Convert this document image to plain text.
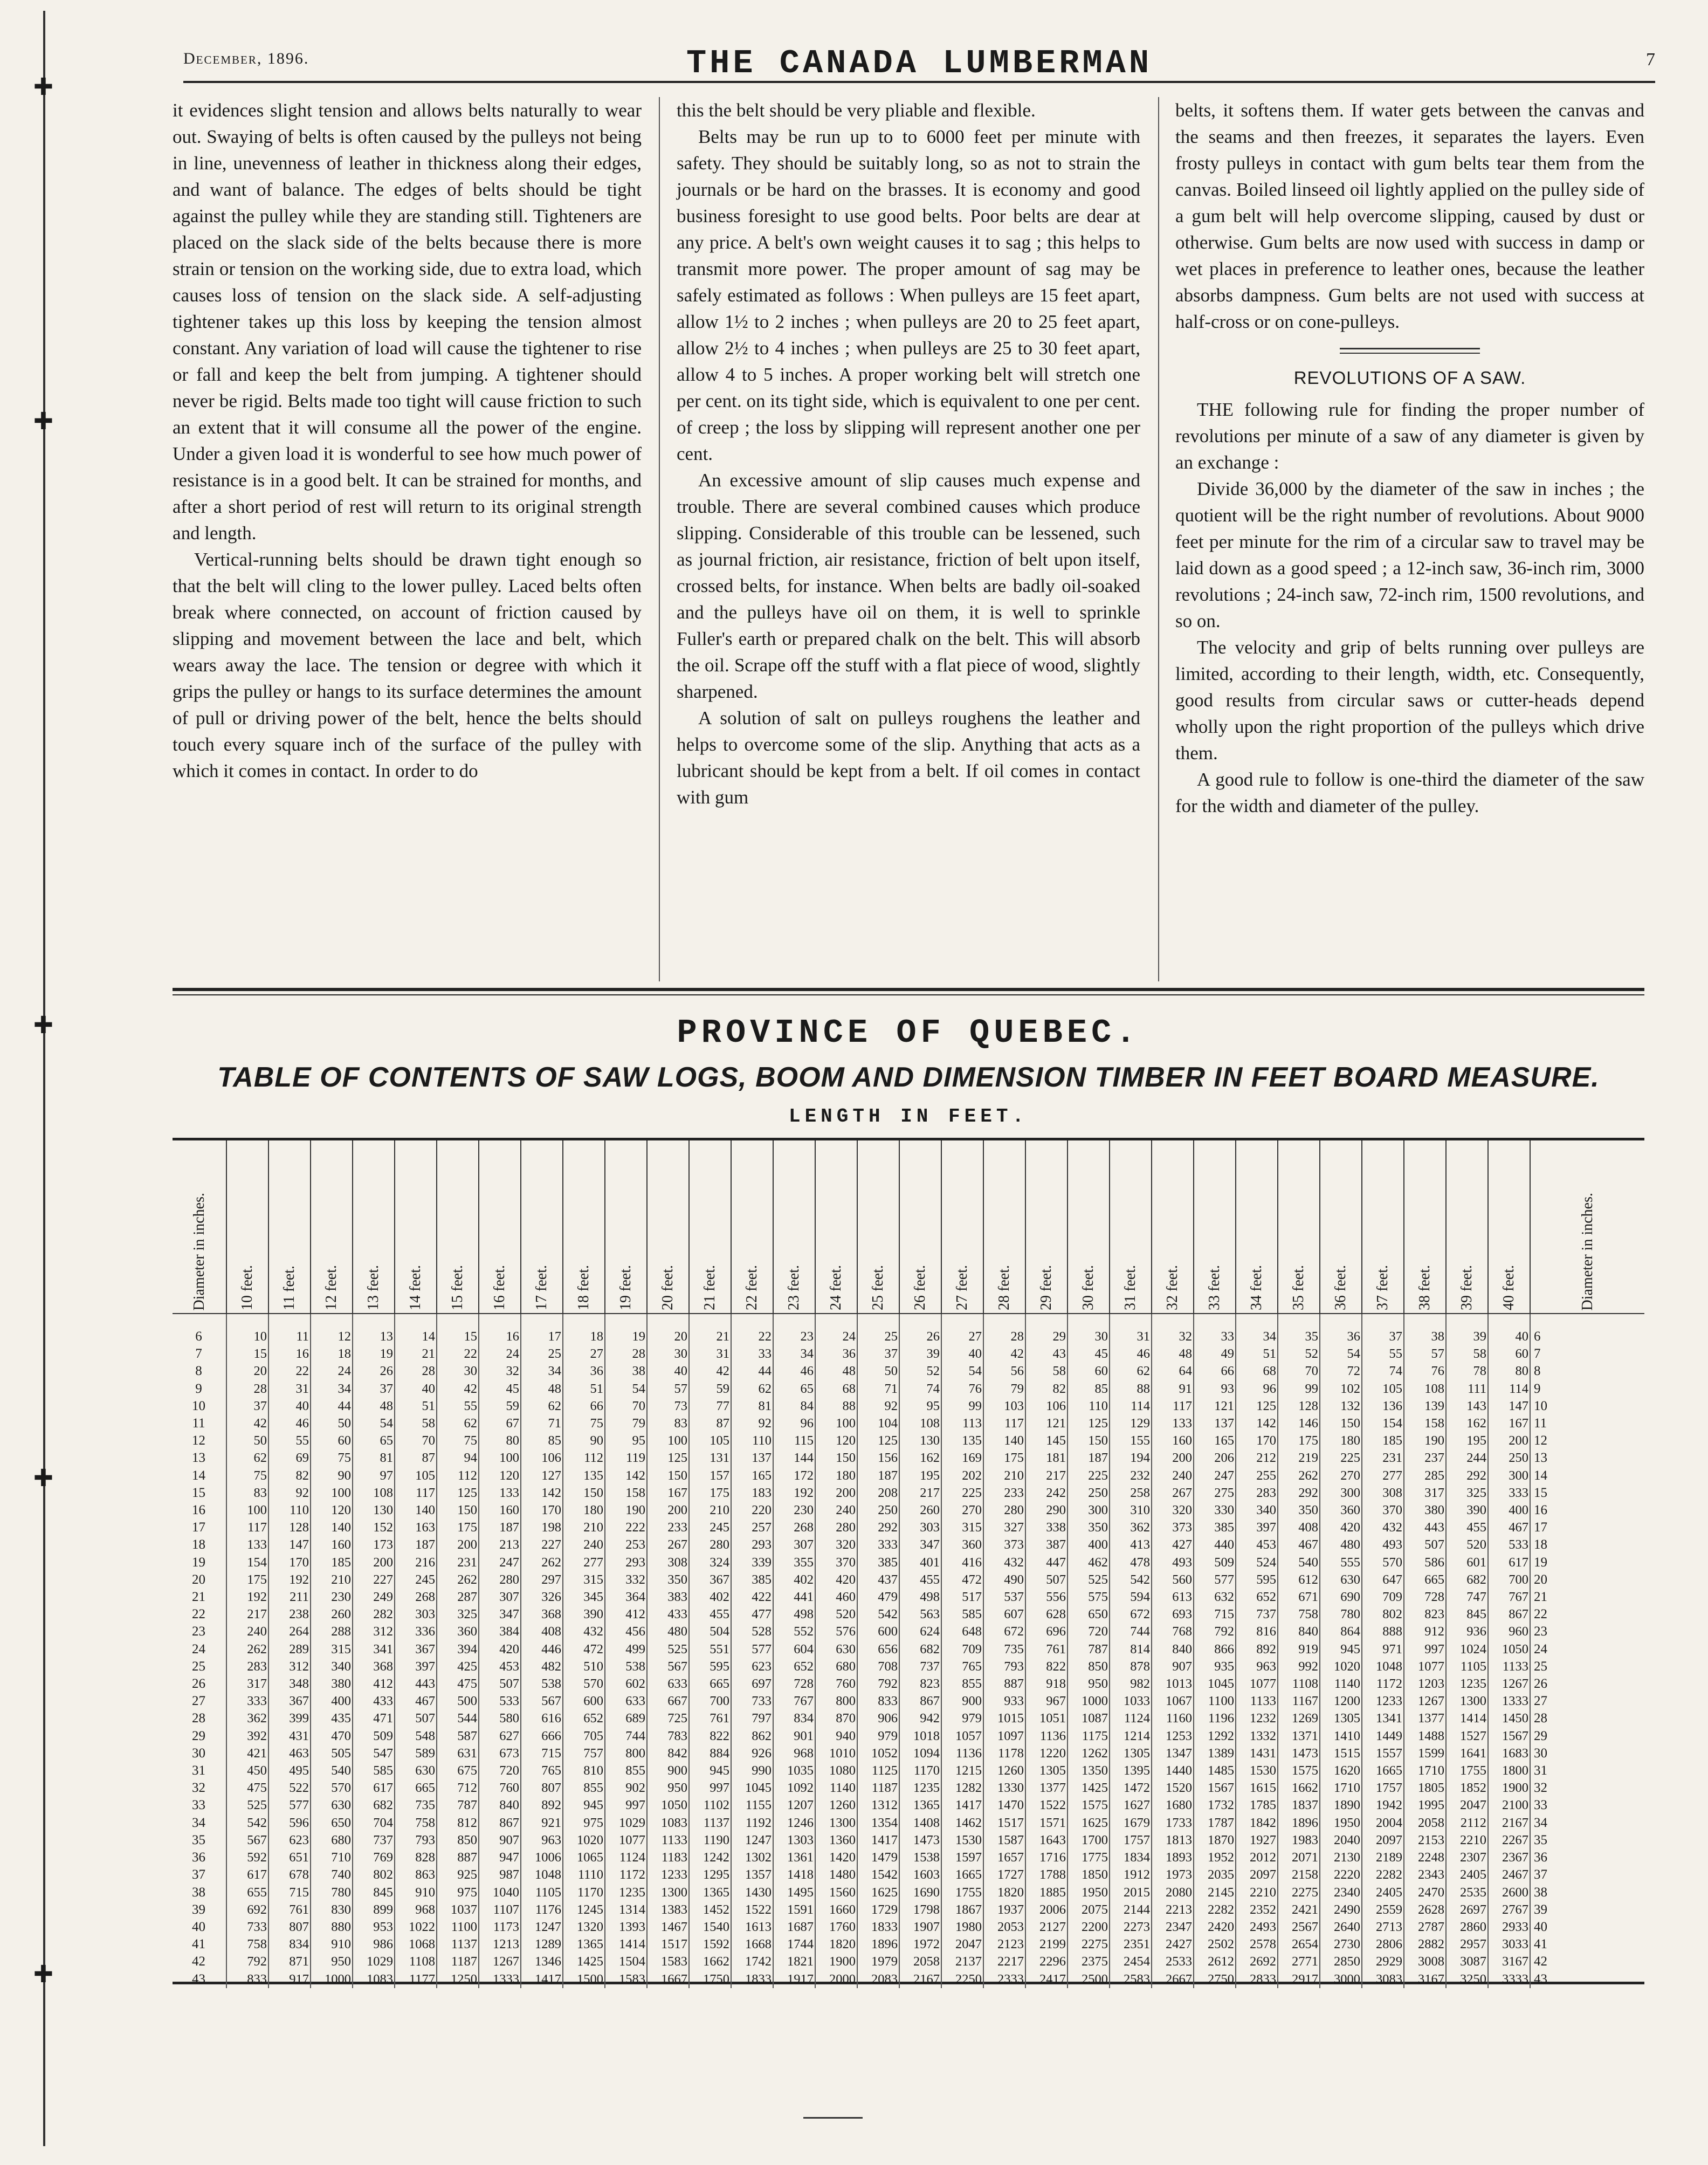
✚
✚
✚
✚
✚
December, 1896.	THE CANADA LUMBERMAN	7

it evidences slight tension and allows belts naturally to wear out. Swaying of belts is often caused by the pulleys not being in line, unevenness of leather in thickness along their edges, and want of balance. The edges of belts should be tight against the pulley while they are standing still. Tighteners are placed on the slack side of the belts because there is more strain or tension on the working side, due to extra load, which causes loss of tension on the slack side. A self-adjusting tightener takes up this loss by keeping the tension almost constant. Any variation of load will cause the tightener to rise or fall and keep the belt from jumping. A tightener should never be rigid. Belts made too tight will cause friction to such an extent that it will consume all the power of the engine. Under a given load it is wonderful to see how much power of resistance is in a good belt. It can be strained for months, and after a short period of rest will return to its original strength and length.

Vertical-running belts should be drawn tight enough so that the belt will cling to the lower pulley. Laced belts often break where connected, on account of friction caused by slipping and movement between the lace and belt, which wears away the lace. The tension or degree with which it grips the pulley or hangs to its surface determines the amount of pull or driving power of the belt, hence the belts should touch every square inch of the surface of the pulley with which it comes in contact. In order to do

this the belt should be very pliable and flexible.

Belts may be run up to to 6000 feet per minute with safety. They should be suitably long, so as not to strain the journals or be hard on the brasses. It is economy and good business foresight to use good belts. Poor belts are dear at any price. A belt's own weight causes it to sag ; this helps to transmit more power. The proper amount of sag may be safely estimated as follows : When pulleys are 15 feet apart, allow 1½ to 2 inches ; when pulleys are 20 to 25 feet apart, allow 2½ to 4 inches ; when pulleys are 25 to 30 feet apart, allow 4 to 5 inches. A proper working belt will stretch one per cent. on its tight side, which is equivalent to one per cent. of creep ; the loss by slipping will represent another one per cent.

An excessive amount of slip causes much expense and trouble. There are several combined causes which produce slipping. Considerable of this trouble can be lessened, such as journal friction, air resistance, friction of belt upon itself, crossed belts, for instance. When belts are badly oil-soaked and the pulleys have oil on them, it is well to sprinkle Fuller's earth or prepared chalk on the belt. This will absorb the oil. Scrape off the stuff with a flat piece of wood, slightly sharpened.

A solution of salt on pulleys roughens the leather and helps to overcome some of the slip. Anything that acts as a lubricant should be kept from a belt. If oil comes in contact with gum

belts, it softens them. If water gets between the canvas and the seams and then freezes, it separates the layers. Even frosty pulleys in contact with gum belts tear them from the canvas. Boiled linseed oil lightly applied on the pulley side of a gum belt will help overcome slipping, caused by dust or otherwise. Gum belts are now used with success in damp or wet places in preference to leather ones, because the leather absorbs dampness. Gum belts are not used with success at half-cross or on cone-pulleys.

REVOLUTIONS OF A SAW.

THE following rule for finding the proper number of revolutions per minute of a saw of any diameter is given by an exchange :

Divide 36,000 by the diameter of the saw in inches ; the quotient will be the right number of revolutions. About 9000 feet per minute for the rim of a circular saw to travel may be laid down as a good speed ; a 12-inch saw, 36-inch rim, 3000 revolutions ; 24-inch saw, 72-inch rim, 1500 revolutions, and so on.

The velocity and grip of belts running over pulleys are limited, according to their length, width, etc. Consequently, good results from circular saws or cutter-heads depend wholly upon the right proportion of the pulleys which drive them.

A good rule to follow is one-third the diameter of the saw for the width and diameter of the pulley.

PROVINCE OF QUEBEC.
TABLE OF CONTENTS OF SAW LOGS, BOOM AND DIMENSION TIMBER IN FEET BOARD MEASURE.
LENGTH IN FEET.
Diameter in inches.	10 feet.	11 feet.	12 feet.	13 feet.	14 feet.	15 feet.	16 feet.	17 feet.	18 feet.	19 feet.	20 feet.	21 feet.	22 feet.	23 feet.	24 feet.	25 feet.	26 feet.	27 feet.	28 feet.	29 feet.	30 feet.	31 feet.	32 feet.	33 feet.	34 feet.	35 feet.	36 feet.	37 feet.	38 feet.	39 feet.	40 feet.	Diameter in inches.
6	10	11	12	13	14	15	16	17	18	19	20	21	22	23	24	25	26	27	28	29	30	31	32	33	34	35	36	37	38	39	40	6
7	15	16	18	19	21	22	24	25	27	28	30	31	33	34	36	37	39	40	42	43	45	46	48	49	51	52	54	55	57	58	60	7
8	20	22	24	26	28	30	32	34	36	38	40	42	44	46	48	50	52	54	56	58	60	62	64	66	68	70	72	74	76	78	80	8
9	28	31	34	37	40	42	45	48	51	54	57	59	62	65	68	71	74	76	79	82	85	88	91	93	96	99	102	105	108	111	114	9
10	37	40	44	48	51	55	59	62	66	70	73	77	81	84	88	92	95	99	103	106	110	114	117	121	125	128	132	136	139	143	147	10
11	42	46	50	54	58	62	67	71	75	79	83	87	92	96	100	104	108	113	117	121	125	129	133	137	142	146	150	154	158	162	167	11
12	50	55	60	65	70	75	80	85	90	95	100	105	110	115	120	125	130	135	140	145	150	155	160	165	170	175	180	185	190	195	200	12
13	62	69	75	81	87	94	100	106	112	119	125	131	137	144	150	156	162	169	175	181	187	194	200	206	212	219	225	231	237	244	250	13
14	75	82	90	97	105	112	120	127	135	142	150	157	165	172	180	187	195	202	210	217	225	232	240	247	255	262	270	277	285	292	300	14
15	83	92	100	108	117	125	133	142	150	158	167	175	183	192	200	208	217	225	233	242	250	258	267	275	283	292	300	308	317	325	333	15
16	100	110	120	130	140	150	160	170	180	190	200	210	220	230	240	250	260	270	280	290	300	310	320	330	340	350	360	370	380	390	400	16
17	117	128	140	152	163	175	187	198	210	222	233	245	257	268	280	292	303	315	327	338	350	362	373	385	397	408	420	432	443	455	467	17
18	133	147	160	173	187	200	213	227	240	253	267	280	293	307	320	333	347	360	373	387	400	413	427	440	453	467	480	493	507	520	533	18
19	154	170	185	200	216	231	247	262	277	293	308	324	339	355	370	385	401	416	432	447	462	478	493	509	524	540	555	570	586	601	617	19
20	175	192	210	227	245	262	280	297	315	332	350	367	385	402	420	437	455	472	490	507	525	542	560	577	595	612	630	647	665	682	700	20
21	192	211	230	249	268	287	307	326	345	364	383	402	422	441	460	479	498	517	537	556	575	594	613	632	652	671	690	709	728	747	767	21
22	217	238	260	282	303	325	347	368	390	412	433	455	477	498	520	542	563	585	607	628	650	672	693	715	737	758	780	802	823	845	867	22
23	240	264	288	312	336	360	384	408	432	456	480	504	528	552	576	600	624	648	672	696	720	744	768	792	816	840	864	888	912	936	960	23
24	262	289	315	341	367	394	420	446	472	499	525	551	577	604	630	656	682	709	735	761	787	814	840	866	892	919	945	971	997	1024	1050	24
25	283	312	340	368	397	425	453	482	510	538	567	595	623	652	680	708	737	765	793	822	850	878	907	935	963	992	1020	1048	1077	1105	1133	25
26	317	348	380	412	443	475	507	538	570	602	633	665	697	728	760	792	823	855	887	918	950	982	1013	1045	1077	1108	1140	1172	1203	1235	1267	26
27	333	367	400	433	467	500	533	567	600	633	667	700	733	767	800	833	867	900	933	967	1000	1033	1067	1100	1133	1167	1200	1233	1267	1300	1333	27
28	362	399	435	471	507	544	580	616	652	689	725	761	797	834	870	906	942	979	1015	1051	1087	1124	1160	1196	1232	1269	1305	1341	1377	1414	1450	28
29	392	431	470	509	548	587	627	666	705	744	783	822	862	901	940	979	1018	1057	1097	1136	1175	1214	1253	1292	1332	1371	1410	1449	1488	1527	1567	29
30	421	463	505	547	589	631	673	715	757	800	842	884	926	968	1010	1052	1094	1136	1178	1220	1262	1305	1347	1389	1431	1473	1515	1557	1599	1641	1683	30
31	450	495	540	585	630	675	720	765	810	855	900	945	990	1035	1080	1125	1170	1215	1260	1305	1350	1395	1440	1485	1530	1575	1620	1665	1710	1755	1800	31
32	475	522	570	617	665	712	760	807	855	902	950	997	1045	1092	1140	1187	1235	1282	1330	1377	1425	1472	1520	1567	1615	1662	1710	1757	1805	1852	1900	32
33	525	577	630	682	735	787	840	892	945	997	1050	1102	1155	1207	1260	1312	1365	1417	1470	1522	1575	1627	1680	1732	1785	1837	1890	1942	1995	2047	2100	33
34	542	596	650	704	758	812	867	921	975	1029	1083	1137	1192	1246	1300	1354	1408	1462	1517	1571	1625	1679	1733	1787	1842	1896	1950	2004	2058	2112	2167	34
35	567	623	680	737	793	850	907	963	1020	1077	1133	1190	1247	1303	1360	1417	1473	1530	1587	1643	1700	1757	1813	1870	1927	1983	2040	2097	2153	2210	2267	35
36	592	651	710	769	828	887	947	1006	1065	1124	1183	1242	1302	1361	1420	1479	1538	1597	1657	1716	1775	1834	1893	1952	2012	2071	2130	2189	2248	2307	2367	36
37	617	678	740	802	863	925	987	1048	1110	1172	1233	1295	1357	1418	1480	1542	1603	1665	1727	1788	1850	1912	1973	2035	2097	2158	2220	2282	2343	2405	2467	37
38	655	715	780	845	910	975	1040	1105	1170	1235	1300	1365	1430	1495	1560	1625	1690	1755	1820	1885	1950	2015	2080	2145	2210	2275	2340	2405	2470	2535	2600	38
39	692	761	830	899	968	1037	1107	1176	1245	1314	1383	1452	1522	1591	1660	1729	1798	1867	1937	2006	2075	2144	2213	2282	2352	2421	2490	2559	2628	2697	2767	39
40	733	807	880	953	1022	1100	1173	1247	1320	1393	1467	1540	1613	1687	1760	1833	1907	1980	2053	2127	2200	2273	2347	2420	2493	2567	2640	2713	2787	2860	2933	40
41	758	834	910	986	1068	1137	1213	1289	1365	1414	1517	1592	1668	1744	1820	1896	1972	2047	2123	2199	2275	2351	2427	2502	2578	2654	2730	2806	2882	2957	3033	41
42	792	871	950	1029	1108	1187	1267	1346	1425	1504	1583	1662	1742	1821	1900	1979	2058	2137	2217	2296	2375	2454	2533	2612	2692	2771	2850	2929	3008	3087	3167	42
43	833	917	1000	1083	1177	1250	1333	1417	1500	1583	1667	1750	1833	1917	2000	2083	2167	2250	2333	2417	2500	2583	2667	2750	2833	2917	3000	3083	3167	3250	3333	43
